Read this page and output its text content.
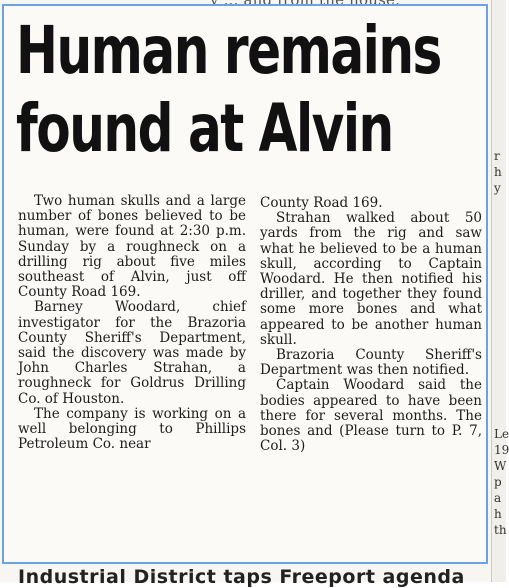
r
h
y
Le
19
W
p
a
h
th
Human remains
found at Alvin

Two human skulls and a large number of bones believed to be human, were found at 2:30 p.m. Sunday by a roughneck on a drilling rig about five miles southeast of Alvin, just off County Road 169.

Barney Woodard, chief investigator for the Brazoria County Sheriff's Department, said the discovery was made by John Charles Strahan, a roughneck for Goldrus Drilling Co. of Houston.

The company is working on a well belonging to Phillips Petroleum Co. near

County Road 169.

Strahan walked about 50 yards from the rig and saw what he believed to be a human skull, according to Captain Woodard. He then notified his driller, and together they found some more bones and what appeared to be another human skull.

Brazoria County Sheriff's Department was then notified.

Captain Woodard said the bodies appeared to have been there for several months. The bones and (Please turn to P. 7, Col. 3)

Industrial District taps Freeport agenda
